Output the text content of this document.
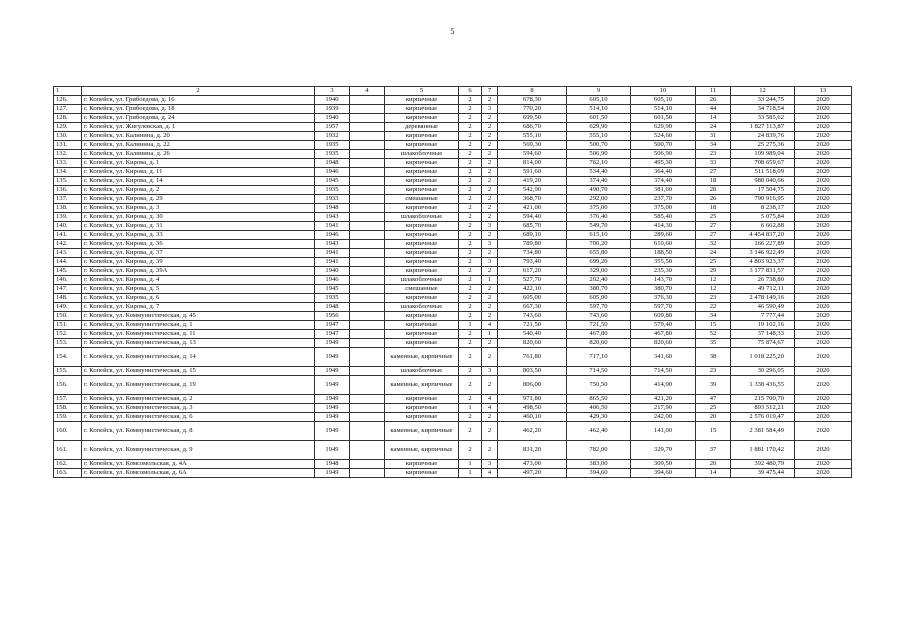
5
1	2	3	4	5	6	7	8	9	10	11	12	13
126.	г. Копейск, ул. Грибоедова, д. 16	1940		кирпичные	2	2	678,30	605,10	605,10	26	33 244,75	2020
127.	г. Копейск, ул. Грибоедова, д. 18	1939		кирпичные	2	3	770,20	514,10	514,10	44	34 718,54	2020
128.	г. Копейск, ул. Грибоедова, д. 24	1940		кирпичные	2	2	699,50	601,50	601,50	14	33 585,62	2020
129.	г. Копейск, ул. Жигулевская, д. 1	1957		деревянные	2	2	686,70	629,90	629,90	24	1 827 113,87	2020
130.	г. Копейск, ул. Калинина, д. 20	1932		кирпичные	2	2	555,10	555,10	524,60	31	24 839,76	2020
131.	г. Копейск, ул. Калинина, д. 22	1935		кирпичные	2	2	569,30	500,70	500,70	34	25 275,36	2020
132.	г. Копейск, ул. Калинина, д. 26	1935		шлакоблочные	2	2	594,60	506,90	506,90	23	109 989,04	2020
133.	г. Копейск, ул. Кирова, д. 1	1948		кирпичные	2	2	814,00	762,10	495,30	33	708 659,67	2020
134.	г. Копейск, ул. Кирова, д. 11	1946		кирпичные	2	2	591,60	534,40	364,40	27	511 518,09	2020
135.	г. Копейск, ул. Кирова, д. 14	1945		кирпичные	2	2	419,20	374,40	374,40	18	988 040,66	2020
136.	г. Копейск, ул. Кирова, д. 2	1935		кирпичные	2	2	542,90	490,70	381,60	28	17 504,75	2020
137.	г. Копейск, ул. Кирова, д. 29	1933		смешанные	2	2	368,70	292,00	237,70	26	790 916,95	2020
138.	г. Копейск, ул. Кирова, д. 3	1948		кирпичные	2	2	421,00	375,00	375,00	18	8 238,17	2020
139.	г. Копейск, ул. Кирова, д. 30	1943		шлакоблочные	2	2	594,40	376,40	585,40	25	5 075,84	2020
140.	г. Копейск, ул. Кирова, д. 31	1941		кирпичные	2	3	685,70	549,70	414,30	27	6 662,88	2020
141.	г. Копейск, ул. Кирова, д. 33	1946		кирпичные	2	2	689,10	615,10	289,60	27	4 454 837,20	2020
142.	г. Копейск, ул. Кирова, д. 36	1943		кирпичные	2	3	789,80	700,20	610,60	32	166 227,89	2020
143.	г. Копейск, ул. Кирова, д. 37	1941		кирпичные	2	2	734,80	655,80	188,50	24	3 146 922,49	2020
144.	г. Копейск, ул. Кирова, д. 39	1941		кирпичные	2	3	793,40	699,20	355,50	25	4 803 923,37	2020
145.	г. Копейск, ул. Кирова, д. 39А	1940		кирпичные	2	2	617,20	329,00	235,30	29	3 177 831,57	2020
146.	г. Копейск, ул. Кирова, д. 4	1946		шлакоблочные	2	1	527,70	202,40	143,70	12	26 738,80	2020
147.	г. Копейск, ул. Кирова, д. 5	1945		смешанные	2	2	422,10	380,70	380,70	12	49 712,11	2020
148.	г. Копейск, ул. Кирова, д. 6	1935		кирпичные	2	2	605,00	605,00	376,30	23	2 478 149,16	2020
149.	г. Копейск, ул. Кирова, д. 7	1948		шлакоблочные	2	2	667,30	597,70	597,70	22	46 590,49	2020
150.	г. Копейск, ул. Коммунистическая, д. 45	1956		кирпичные	2	2	743,60	743,60	609,80	34	7 777,44	2020
151.	г. Копейск, ул. Коммунистическая, д. 1	1947		кирпичные	1	4	721,50	721,50	579,40	15	19 102,16	2020
152.	г. Копейск, ул. Коммунистическая, д. 11	1947		кирпичные	2	1	540,40	467,80	467,80	52	37 148,33	2020
153.	г. Копейск, ул. Коммунистическая, д. 13	1949		кирпичные	2	2	820,60	820,60	820,60	35	75 874,67	2020
154.	г. Копейск, ул. Коммунистическая, д. 14	1949		каменные, кирпичные	2	2	761,80	717,10	341,60	38	1 018 225,20	2020
155.	г. Копейск, ул. Коммунистическая, д. 15	1949		шлакоблочные	2	3	803,50	714,50	714,50	23	30 296,05	2020
156.	г. Копейск, ул. Коммунистическая, д. 19	1949		каменные, кирпичные	2	2	806,00	750,50	414,90	39	1 338 436,55	2020
157.	г. Копейск, ул. Коммунистическая, д. 2	1949		кирпичные	2	4	971,80	865,50	421,20	47	215 700,70	2020
158.	г. Копейск, ул. Коммунистическая, д. 3	1949		кирпичные	1	4	498,50	406,50	217,90	25	893 512,21	2020
159.	г. Копейск, ул. Коммунистическая, д. 6	1949		кирпичные	2	2	460,10	429,30	242,00	20	2 576 019,47	2020
160.	г. Копейск, ул. Коммунистическая, д. 8	1949		каменные, кирпичные	2	2	462,20	462,40	141,00	15	2 381 584,49	2020
161.	г. Копейск, ул. Коммунистическая, д. 9	1949		каменные, кирпичные	2	2	831,20	782,00	329,70	37	1 881 170,42	2020
162.	г. Копейск, ул. Комсомольская, д. 4А	1948		кирпичные	1	3	473,00	383,00	309,50	20	392 480,79	2020
163.	г. Копейск, ул. Комсомольская, д. 6А	1949		кирпичные	1	4	497,20	394,60	394,60	14	39 475,44	2020
